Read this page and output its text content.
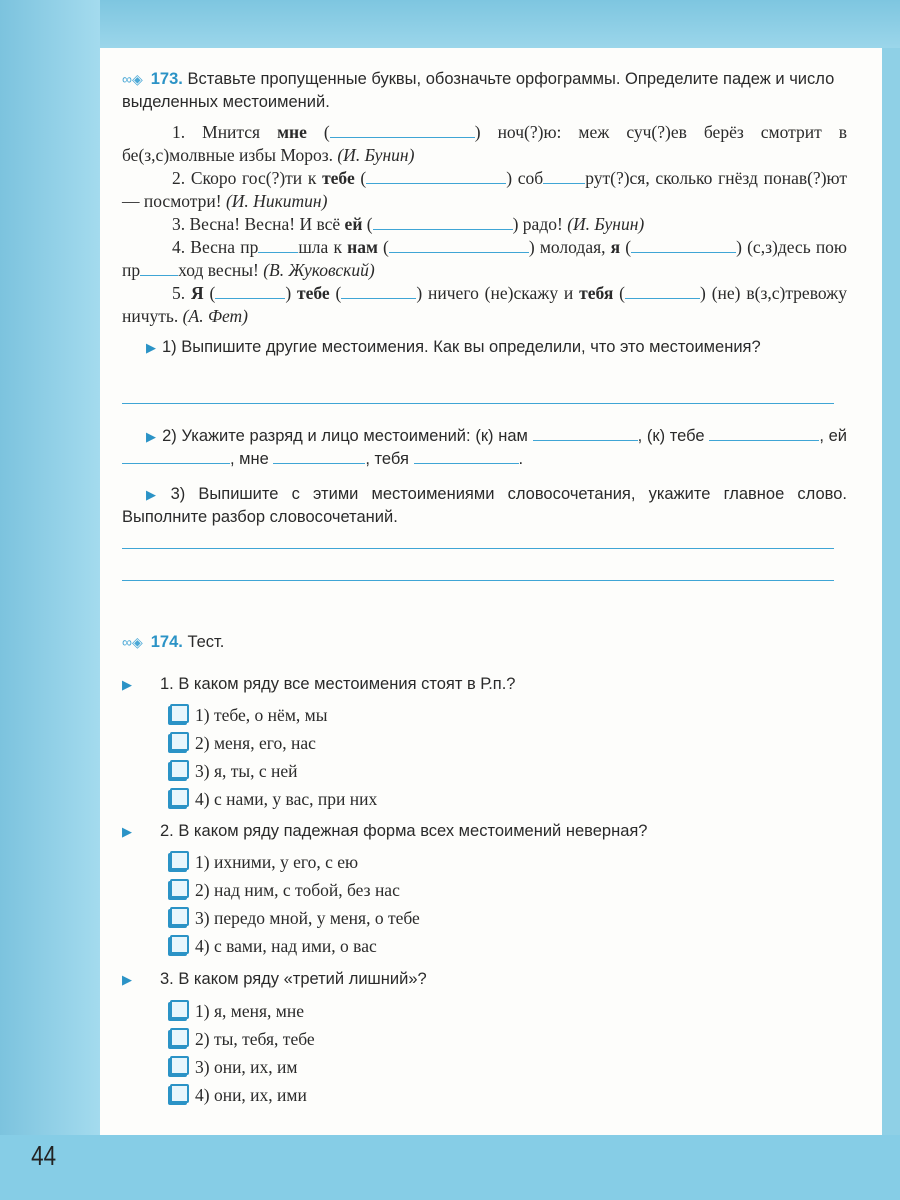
44
∞◈ 173. Вставьте пропущенные буквы, обозначьте орфограммы. Определите падеж и число выделенных местоимений.
1. Мнится мне (	) ноч(?)ю: меж суч(?)ев берёз смотрит в бе(з,с)молвные избы Мороз. (И. Бунин)
2. Скоро гос(?)ти к тебе (	) соб рут(?)ся, сколько гнёзд понав(?)ют — посмотри! (И. Никитин)
3. Весна! Весна! И всё ей (	) радо! (И. Бунин)
4. Весна пр шла к нам (	) молодая, я (	) (с,з)десь пою пр ход весны! (В. Жуковский)
5. Я (	) тебе (	) ничего (не)скажу и тебя (	) (не) в(з,с)тревожу ничуть. (А. Фет)
▶ 1) Выпишите другие местоимения. Как вы определили, что это местоимения?
▶ 2) Укажите разряд и лицо местоимений: (к) нам	, (к) тебе	, ей , мне	, тебя	.
▶ 3) Выпишите с этими местоимениями словосочетания, укажите главное слово. Выполните разбор словосочетаний.
∞◈ 174. Тест.
▶ 1. В каком ряду все местоимения стоят в Р.п.?
1) тебе, о нём, мы
2) меня, его, нас
3) я, ты, с ней
4) с нами, у вас, при них
▶ 2. В каком ряду падежная форма всех местоимений неверная?
1) ихними, у его, с ею
2) над ним, с тобой, без нас
3) передо мной, у меня, о тебе
4) с вами, над ими, о вас
▶ 3. В каком ряду «третий лишний»?
1) я, меня, мне
2) ты, тебя, тебе
3) они, их, им
4) они, их, ими
